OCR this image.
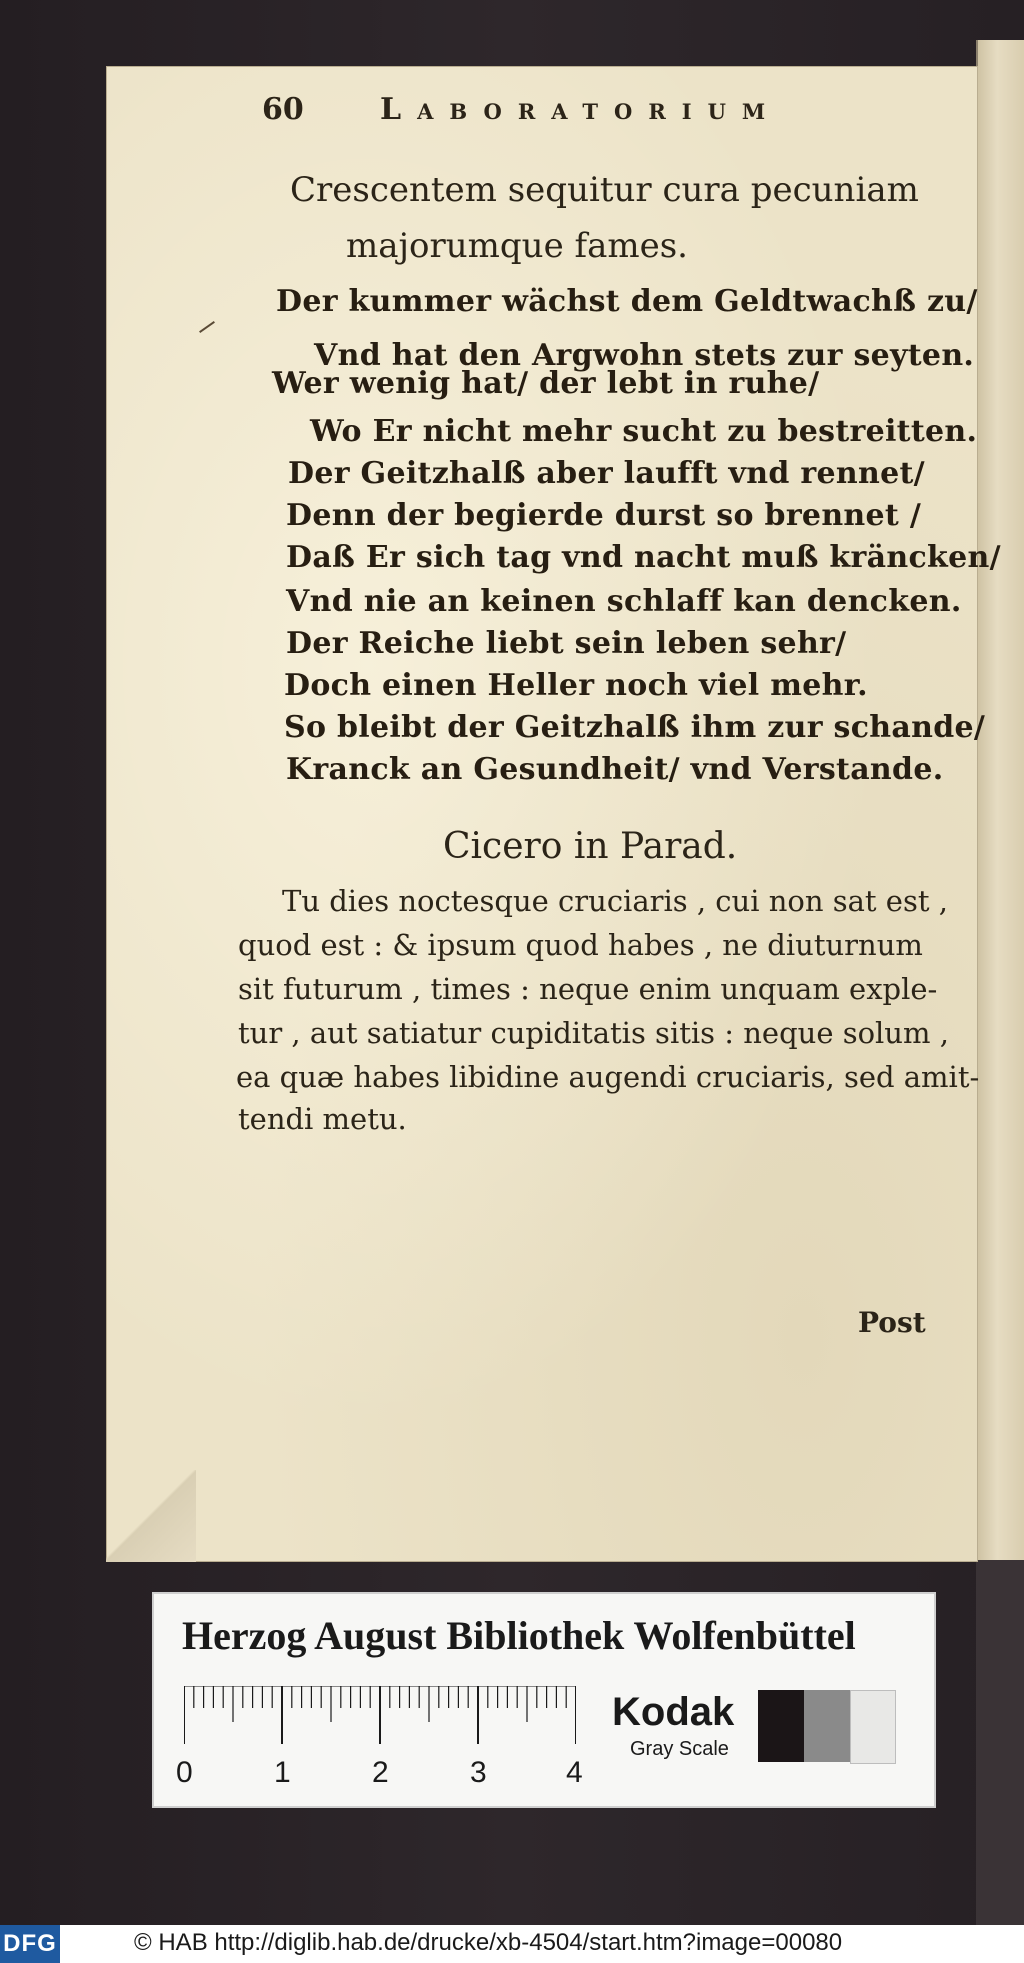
60	Laboratorium
Crescentem sequitur cura pecuniam
majorumque fames.
Der kummer wächst dem Geldtwachß zu/
Vnd hat den Argwohn stets zur seyten.
Wer wenig hat/ der lebt in ruhe/
Wo Er nicht mehr sucht zu bestreitten.
Der Geitzhalß aber laufft vnd rennet/
Denn der begierde durst so brennet /
Daß Er sich tag vnd nacht muß kräncken/
Vnd nie an keinen schlaff kan dencken.
Der Reiche liebt sein leben sehr/
Doch einen Heller noch viel mehr.
So bleibt der Geitzhalß ihm zur schande/
Kranck an Gesundheit/ vnd Verstande.
Cicero in Parad.
Tu dies noctesque cruciaris , cui non sat est ,
quod est : & ipsum quod habes , ne diuturnum
sit futurum , times : neque enim unquam exple-
tur , aut satiatur cupiditatis sitis : neque solum ,
ea quæ habes libidine augendi cruciaris, sed amit-
tendi metu.
Post
Herzog August Bibliothek Wolfenbüttel
0	1	2	3	4
Kodak
Gray Scale
DFG	© HAB http://diglib.hab.de/drucke/xb-4504/start.htm?image=00080
